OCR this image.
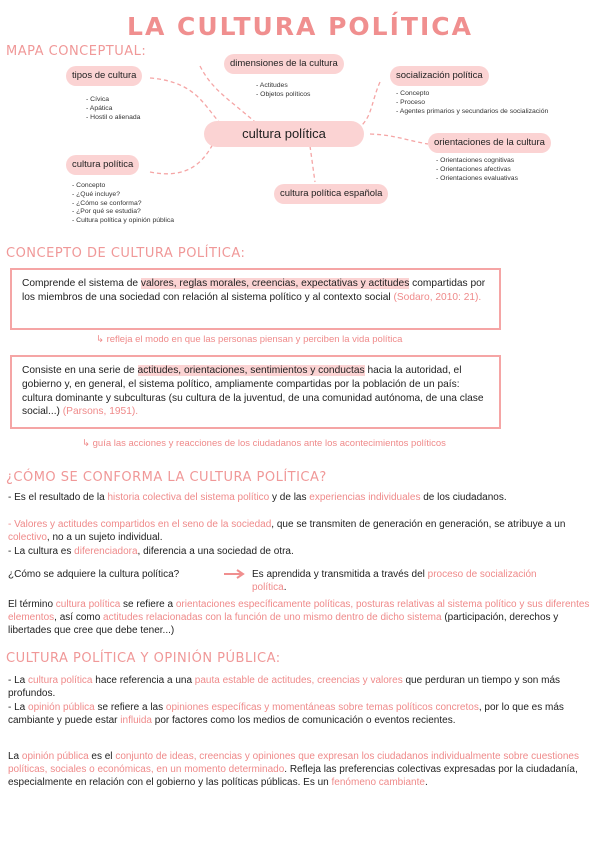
LA CULTURA POLÍTICA
MAPA CONCEPTUAL:
tipos de cultura
- Cívica
- Apática
- Hostil o alienada
dimensiones de la cultura
- Actitudes
- Objetos políticos
socialización política
- Concepto
- Proceso
- Agentes primarios y secundarios de socialización
cultura política
orientaciones de la cultura
- Orientaciones cognitivas
- Orientaciones afectivas
- Orientaciones evaluativas
cultura política
- Concepto
- ¿Qué incluye?
- ¿Cómo se conforma?
- ¿Por qué se estudia?
- Cultura política y opinión pública
cultura política española
CONCEPTO DE CULTURA POLÍTICA:
Comprende el sistema de valores, reglas morales, creencias, expectativas y actitudes compartidas por los miembros de una sociedad con relación al sistema político y al contexto social (Sodaro, 2010: 21).
↳ refleja el modo en que las personas piensan y perciben la vida política
Consiste en una serie de actitudes, orientaciones, sentimientos y conductas hacia la autoridad, el gobierno y, en general, el sistema político, ampliamente compartidas por la población de un país: cultura dominante y subculturas (su cultura de la juventud, de una comunidad autónoma, de una clase social...) (Parsons, 1951).
↳ guía las acciones y reacciones de los ciudadanos ante los acontecimientos políticos
¿CÓMO SE CONFORMA LA CULTURA POLÍTICA?
- Es el resultado de la historia colectiva del sistema político y de las experiencias individuales de los ciudadanos.
- Valores y actitudes compartidos en el seno de la sociedad, que se transmiten de generación en generación, se atribuye a un colectivo, no a un sujeto individual.
- La cultura es diferenciadora, diferencia a una sociedad de otra.
¿Cómo se adquiere la cultura política?	Es aprendida y transmitida a través del proceso de socialización política.
El término cultura política se refiere a orientaciones específicamente políticas, posturas relativas al sistema político y sus diferentes elementos, así como actitudes relacionadas con la función de uno mismo dentro de dicho sistema (participación, derechos y libertades que cree que debe tener...)
CULTURA POLÍTICA Y OPINIÓN PÚBLICA:
- La cultura política hace referencia a una pauta estable de actitudes, creencias y valores que perduran un tiempo y son más profundos.
- La opinión pública se refiere a las opiniones específicas y momentáneas sobre temas políticos concretos, por lo que es más cambiante y puede estar influida por factores como los medios de comunicación o eventos recientes.
La opinión pública es el conjunto de ideas, creencias y opiniones que expresan los ciudadanos individualmente sobre cuestiones políticas, sociales o económicas, en un momento determinado. Refleja las preferencias colectivas expresadas por la ciudadanía, especialmente en relación con el gobierno y las políticas públicas. Es un fenómeno cambiante.
